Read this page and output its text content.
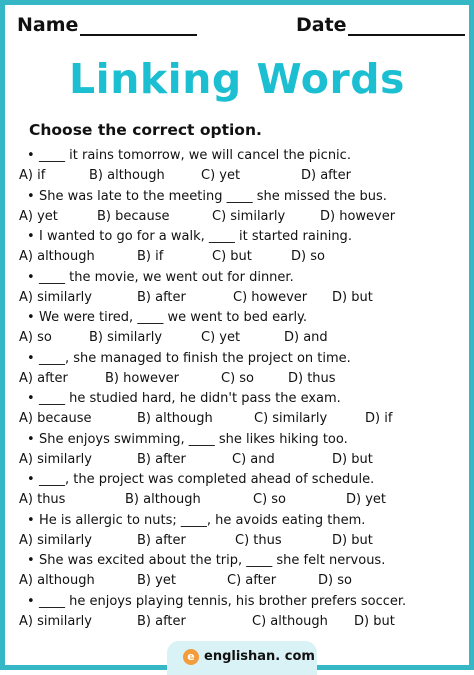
Name	Date
Linking Words
Choose the correct option.
• ____ it rains tomorrow, we will cancel the picnic.
A) if	B) although	C) yet	D) after
• She was late to the meeting ____ she missed the bus.
A) yet	B) because	C) similarly	D) however
• I wanted to go for a walk, ____ it started raining.
A) although	B) if	C) but	D) so
• ____ the movie, we went out for dinner.
A) similarly	B) after	C) however D) but
• We were tired, ____ we went to bed early.
A) so	B) similarly	C) yet	D) and
• ____, she managed to finish the project on time.
A) after	B) however	C) so	D) thus
• ____ he studied hard, he didn't pass the exam.
A) because	B) although	C) similarly	D) if
• She enjoys swimming, ____ she likes hiking too.
A) similarly	B) after	C) and	D) but
• ____, the project was completed ahead of schedule.
A) thus	B) although	C) so	D) yet
• He is allergic to nuts; ____, he avoids eating them.
A) similarly	B) after	C) thus	D) but
• She was excited about the trip, ____ she felt nervous.
A) although	B) yet	C) after	D) so
• ____ he enjoys playing tennis, his brother prefers soccer.
A) similarly	B) after	C) although D) but
e englishan. com
